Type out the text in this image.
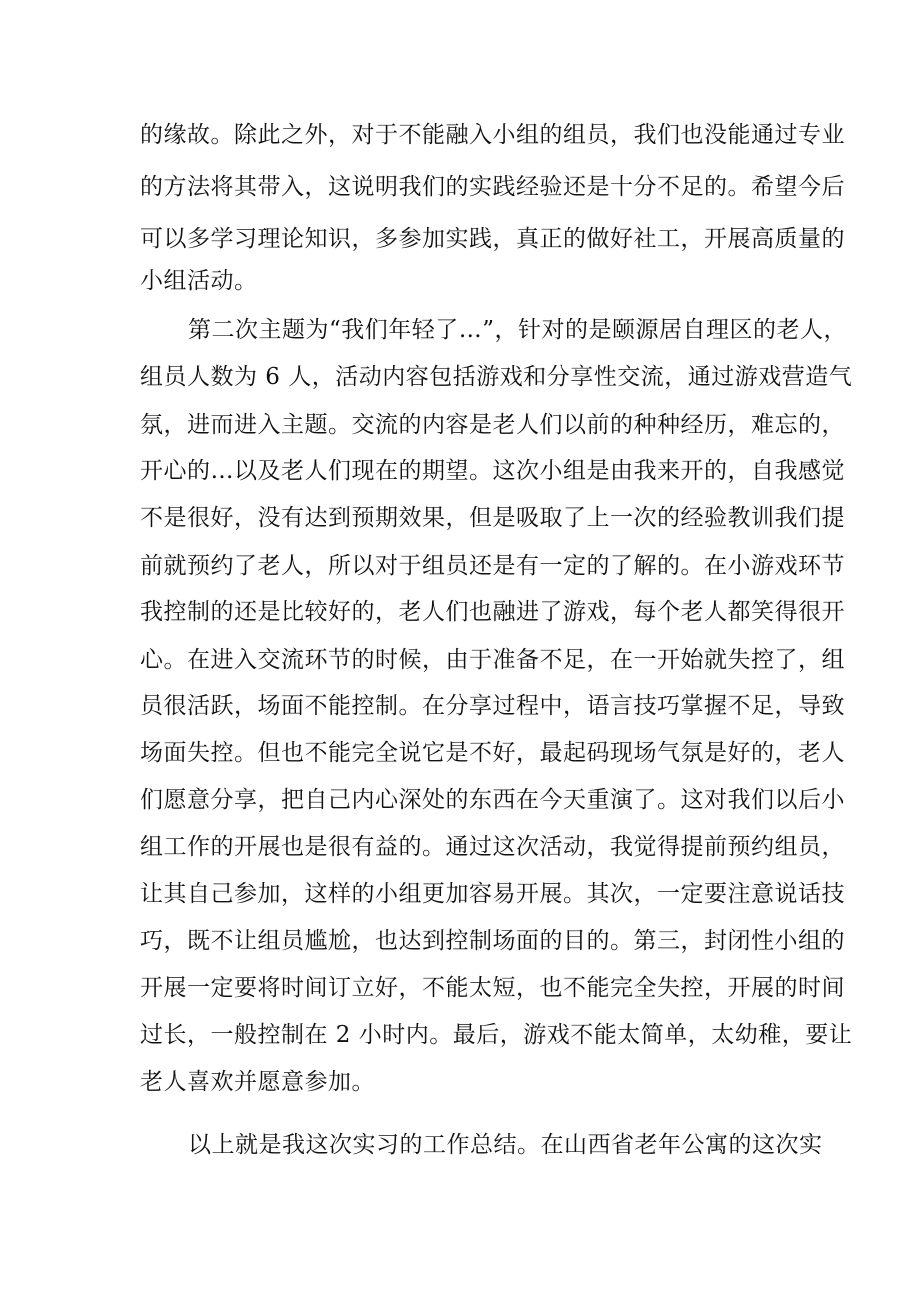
的缘故。除此之外，对于不能融入小组的组员，我们也没能通过专业
的方法将其带入，这说明我们的实践经验还是十分不足的。希望今后
可以多学习理论知识，多参加实践，真正的做好社工，开展高质量的
小组活动。
第二次主题为“我们年轻了…”，针对的是颐源居自理区的老人，
组员人数为 6 人，活动内容包括游戏和分享性交流，通过游戏营造气
氛，进而进入主题。交流的内容是老人们以前的种种经历，难忘的，
开心的…以及老人们现在的期望。这次小组是由我来开的，自我感觉
不是很好，没有达到预期效果，但是吸取了上一次的经验教训我们提
前就预约了老人，所以对于组员还是有一定的了解的。在小游戏环节
我控制的还是比较好的，老人们也融进了游戏，每个老人都笑得很开
心。在进入交流环节的时候，由于准备不足，在一开始就失控了，组
员很活跃，场面不能控制。在分享过程中，语言技巧掌握不足，导致
场面失控。但也不能完全说它是不好，最起码现场气氛是好的，老人
们愿意分享，把自己内心深处的东西在今天重演了。这对我们以后小
组工作的开展也是很有益的。通过这次活动，我觉得提前预约组员，
让其自己参加，这样的小组更加容易开展。其次，一定要注意说话技
巧，既不让组员尴尬，也达到控制场面的目的。第三，封闭性小组的
开展一定要将时间订立好，不能太短，也不能完全失控，开展的时间
过长，一般控制在 2 小时内。最后，游戏不能太简单，太幼稚，要让
老人喜欢并愿意参加。
以上就是我这次实习的工作总结。在山西省老年公寓的这次实
